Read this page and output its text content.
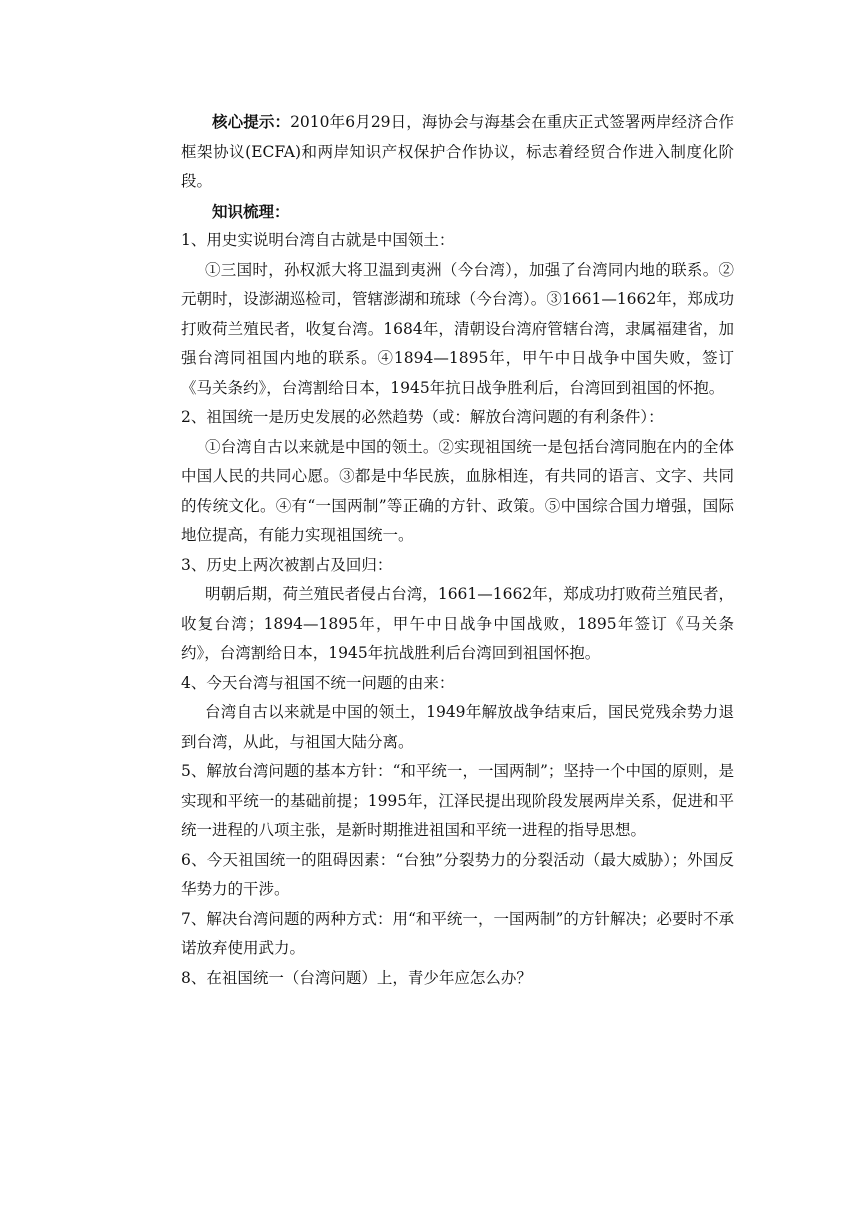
核心提示：2010年6月29日，海协会与海基会在重庆正式签署两岸经济合作框架协议(ECFA)和两岸知识产权保护合作协议，标志着经贸合作进入制度化阶段。

知识梳理：

1、用史实说明台湾自古就是中国领土：

①三国时，孙权派大将卫温到夷洲（今台湾），加强了台湾同内地的联系。②元朝时，设澎湖巡检司，管辖澎湖和琉球（今台湾）。③1661—1662年，郑成功打败荷兰殖民者，收复台湾。1684年，清朝设台湾府管辖台湾，隶属福建省，加强台湾同祖国内地的联系。④1894—1895年，甲午中日战争中国失败，签订《马关条约》，台湾割给日本，1945年抗日战争胜利后，台湾回到祖国的怀抱。

2、祖国统一是历史发展的必然趋势（或：解放台湾问题的有利条件）：

①台湾自古以来就是中国的领土。②实现祖国统一是包括台湾同胞在内的全体中国人民的共同心愿。③都是中华民族，血脉相连，有共同的语言、文字、共同的传统文化。④有“一国两制”等正确的方针、政策。⑤中国综合国力增强，国际地位提高，有能力实现祖国统一。

3、历史上两次被割占及回归：

明朝后期，荷兰殖民者侵占台湾，1661—1662年，郑成功打败荷兰殖民者，收复台湾；1894—1895年，甲午中日战争中国战败，1895年签订《马关条约》，台湾割给日本，1945年抗战胜利后台湾回到祖国怀抱。

4、今天台湾与祖国不统一问题的由来：

台湾自古以来就是中国的领土，1949年解放战争结束后，国民党残余势力退到台湾，从此，与祖国大陆分离。

5、解放台湾问题的基本方针：“和平统一，一国两制”；坚持一个中国的原则，是实现和平统一的基础前提；1995年，江泽民提出现阶段发展两岸关系，促进和平统一进程的八项主张，是新时期推进祖国和平统一进程的指导思想。

6、今天祖国统一的阻碍因素：“台独”分裂势力的分裂活动（最大威胁）；外国反华势力的干涉。

7、解决台湾问题的两种方式：用“和平统一，一国两制”的方针解决；必要时不承诺放弃使用武力。

8、在祖国统一（台湾问题）上，青少年应怎么办？
